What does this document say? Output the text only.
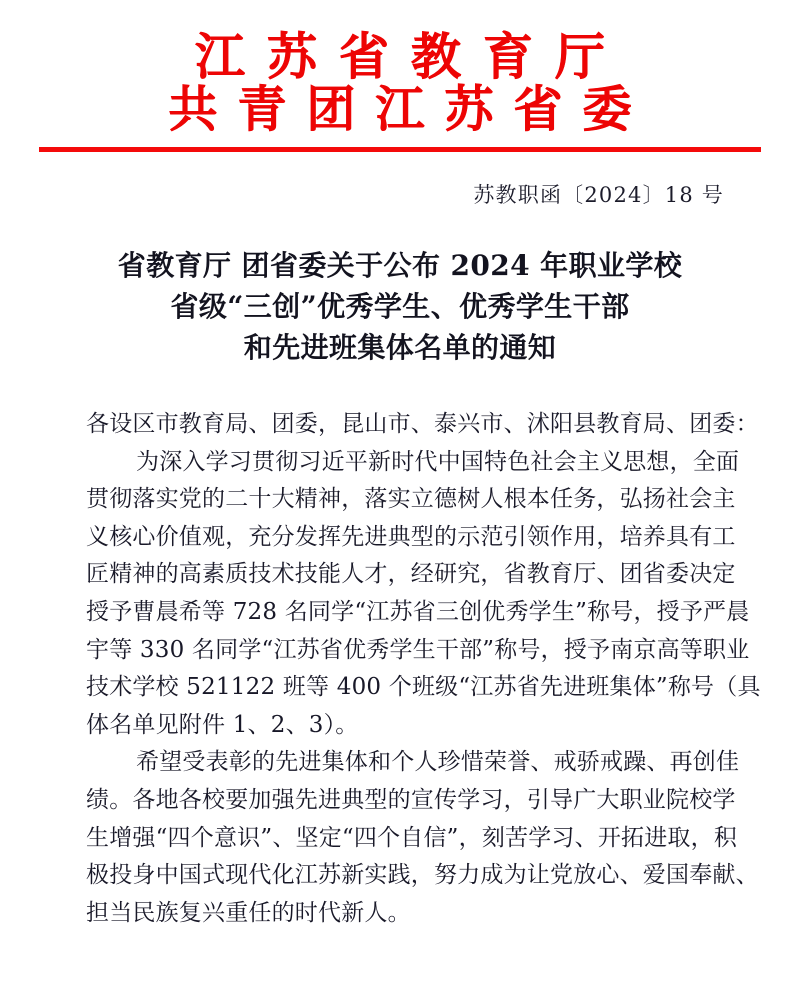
江苏省教育厅
共青团江苏省委
苏教职函〔2024〕18 号
省教育厅 团省委关于公布 2024 年职业学校
省级“三创”优秀学生、优秀学生干部
和先进班集体名单的通知
各设区市教育局、团委，昆山市、泰兴市、沭阳县教育局、团委：
为深入学习贯彻习近平新时代中国特色社会主义思想，全面
贯彻落实党的二十大精神，落实立德树人根本任务，弘扬社会主
义核心价值观，充分发挥先进典型的示范引领作用，培养具有工
匠精神的高素质技术技能人才，经研究，省教育厅、团省委决定
授予曹晨希等 728 名同学“江苏省三创优秀学生”称号，授予严晨
宇等 330 名同学“江苏省优秀学生干部”称号，授予南京高等职业
技术学校 521122 班等 400 个班级“江苏省先进班集体”称号（具
体名单见附件 1、2、3）。
希望受表彰的先进集体和个人珍惜荣誉、戒骄戒躁、再创佳
绩。各地各校要加强先进典型的宣传学习，引导广大职业院校学
生增强“四个意识”、坚定“四个自信”，刻苦学习、开拓进取，积
极投身中国式现代化江苏新实践，努力成为让党放心、爱国奉献、
担当民族复兴重任的时代新人。
